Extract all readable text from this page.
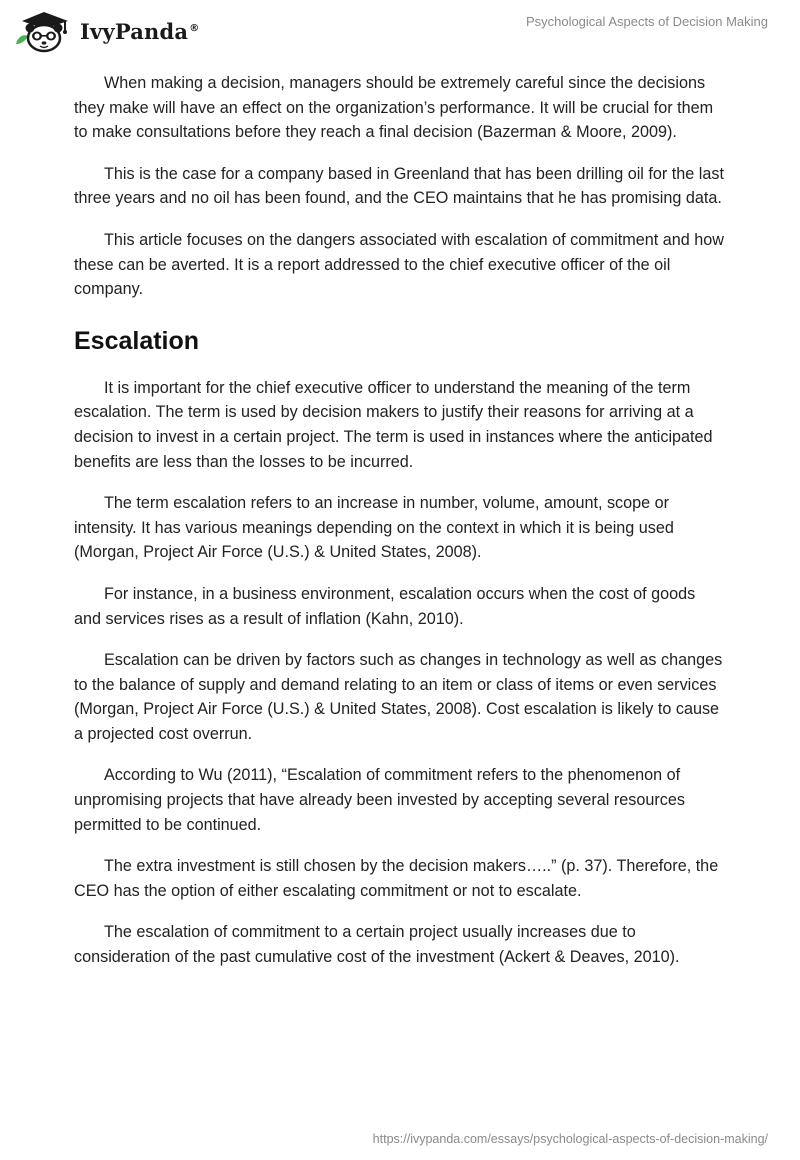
IvyPanda®	Psychological Aspects of Decision Making

When making a decision, managers should be extremely careful since the decisions they make will have an effect on the organization’s performance. It will be crucial for them to make consultations before they reach a final decision (Bazerman & Moore, 2009).

This is the case for a company based in Greenland that has been drilling oil for the last three years and no oil has been found, and the CEO maintains that he has promising data.

This article focuses on the dangers associated with escalation of commitment and how these can be averted. It is a report addressed to the chief executive officer of the oil company.

Escalation

It is important for the chief executive officer to understand the meaning of the term escalation. The term is used by decision makers to justify their reasons for arriving at a decision to invest in a certain project. The term is used in instances where the anticipated benefits are less than the losses to be incurred.

The term escalation refers to an increase in number, volume, amount, scope or intensity. It has various meanings depending on the context in which it is being used (Morgan, Project Air Force (U.S.) & United States, 2008).

For instance, in a business environment, escalation occurs when the cost of goods and services rises as a result of inflation (Kahn, 2010).

Escalation can be driven by factors such as changes in technology as well as changes to the balance of supply and demand relating to an item or class of items or even services (Morgan, Project Air Force (U.S.) & United States, 2008). Cost escalation is likely to cause a projected cost overrun.

According to Wu (2011), “Escalation of commitment refers to the phenomenon of unpromising projects that have already been invested by accepting several resources permitted to be continued.

The extra investment is still chosen by the decision makers…..” (p. 37). Therefore, the CEO has the option of either escalating commitment or not to escalate.

The escalation of commitment to a certain project usually increases due to consideration of the past cumulative cost of the investment (Ackert & Deaves, 2010).

https://ivypanda.com/essays/psychological-aspects-of-decision-making/
